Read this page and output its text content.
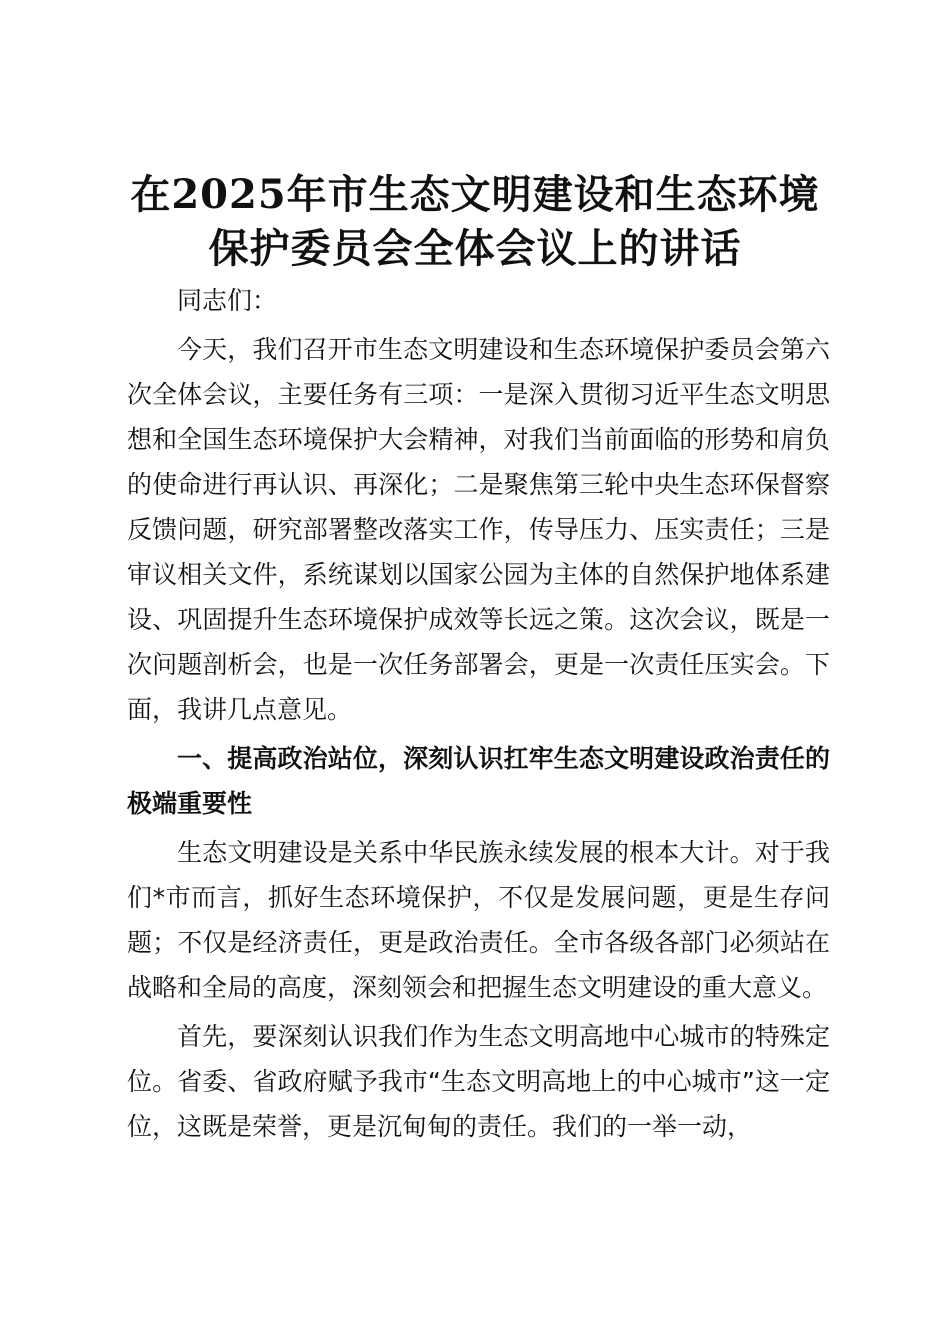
在2025年市生态文明建设和生态环境保护委员会全体会议上的讲话

同志们：

今天，我们召开市生态文明建设和生态环境保护委员会第六次全体会议，主要任务有三项：一是深入贯彻习近平生态文明思想和全国生态环境保护大会精神，对我们当前面临的形势和肩负的使命进行再认识、再深化；二是聚焦第三轮中央生态环保督察反馈问题，研究部署整改落实工作，传导压力、压实责任；三是审议相关文件，系统谋划以国家公园为主体的自然保护地体系建设、巩固提升生态环境保护成效等长远之策。这次会议，既是一次问题剖析会，也是一次任务部署会，更是一次责任压实会。下面，我讲几点意见。

一、提高政治站位，深刻认识扛牢生态文明建设政治责任的极端重要性

生态文明建设是关系中华民族永续发展的根本大计。对于我们*市而言，抓好生态环境保护，不仅是发展问题，更是生存问题；不仅是经济责任，更是政治责任。全市各级各部门必须站在战略和全局的高度，深刻领会和把握生态文明建设的重大意义。

首先，要深刻认识我们作为生态文明高地中心城市的特殊定位。省委、省政府赋予我市“生态文明高地上的中心城市”这一定位，这既是荣誉，更是沉甸甸的责任。我们的一举一动，
